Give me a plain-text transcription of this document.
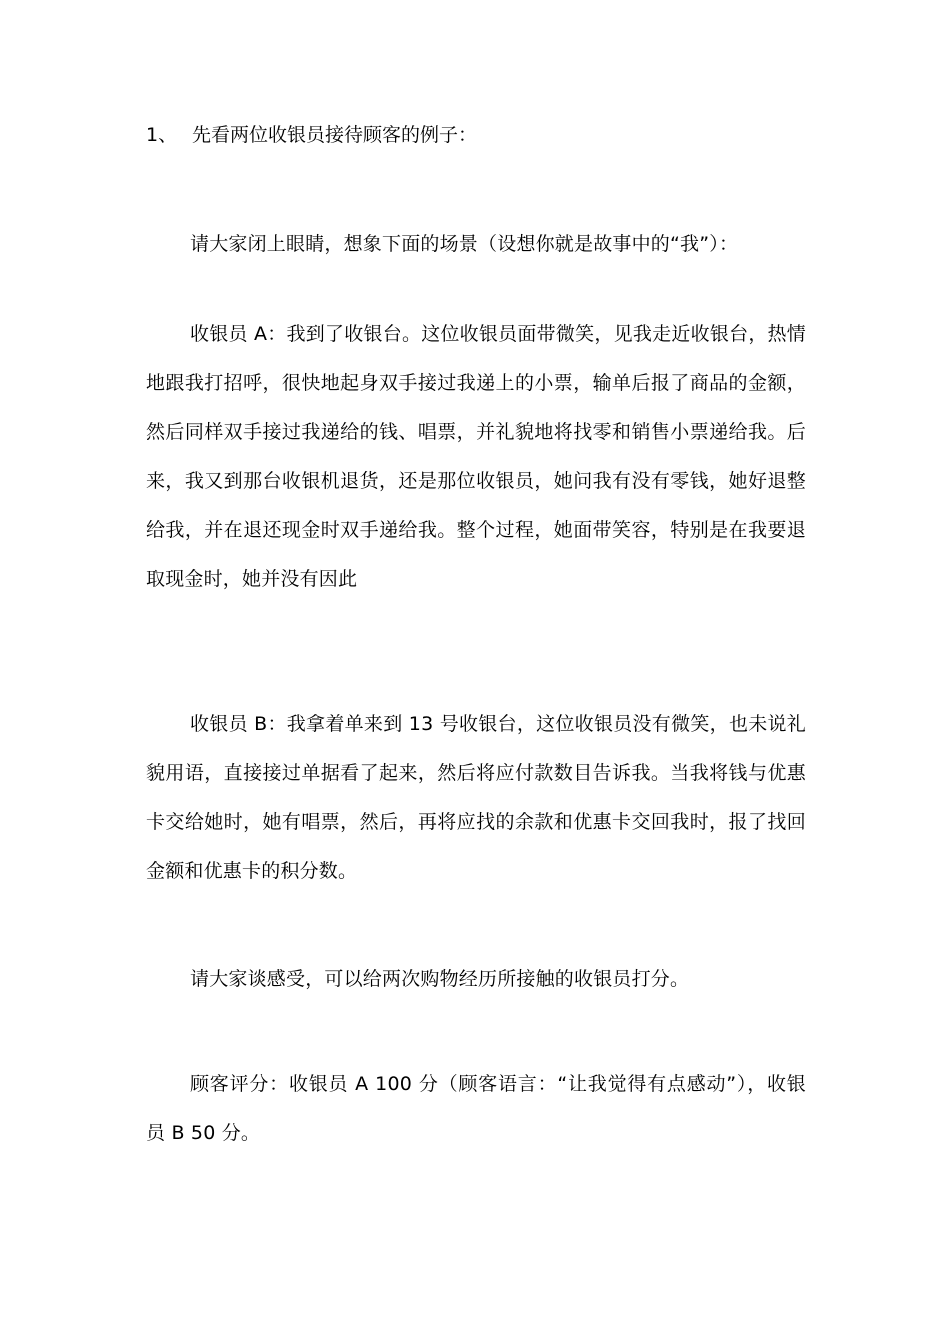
1、 先看两位收银员接待顾客的例子：

请大家闭上眼睛，想象下面的场景（设想你就是故事中的“我”）：

收银员 A：我到了收银台。这位收银员面带微笑，见我走近收银台，热情地跟我打招呼，很快地起身双手接过我递上的小票，输单后报了商品的金额，然后同样双手接过我递给的钱、唱票，并礼貌地将找零和销售小票递给我。后来，我又到那台收银机退货，还是那位收银员，她问我有没有零钱，她好退整给我，并在退还现金时双手递给我。整个过程，她面带笑容，特别是在我要退取现金时，她并没有因此

收银员 B：我拿着单来到 13 号收银台，这位收银员没有微笑，也未说礼貌用语，直接接过单据看了起来，然后将应付款数目告诉我。当我将钱与优惠卡交给她时，她有唱票，然后，再将应找的余款和优惠卡交回我时，报了找回金额和优惠卡的积分数。

请大家谈感受，可以给两次购物经历所接触的收银员打分。

顾客评分：收银员 A 100 分（顾客语言：“让我觉得有点感动”），收银员 B 50 分。
